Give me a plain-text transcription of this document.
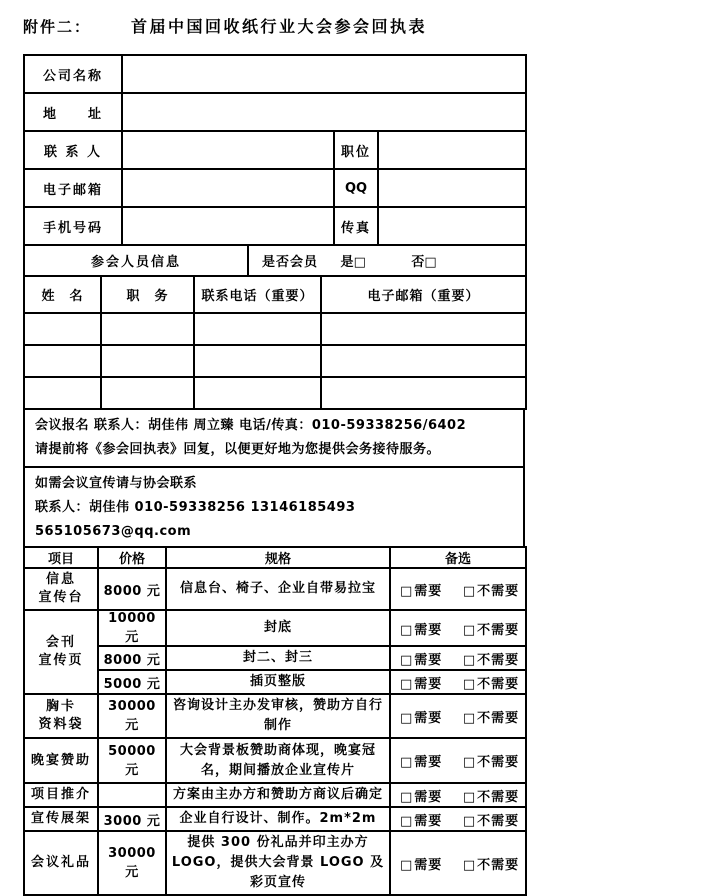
附件二：	首届中国回收纸行业大会参会回执表
公司名称			
地　　址			
联 系 人		职位	
电子邮箱		QQ	
手机号码		传真	
参会人员信息	是否会员 是□	否□
姓　名	职　务	联系电话（重要）	电子邮箱（重要）

会议报名 联系人：胡佳伟 周立臻 电话/传真：010-59338256/6402
请提前将《参会回执表》回复，以便更好地为您提供会务接待服务。
如需会议宣传请与协会联系
联系人：胡佳伟 010-59338256 13146185493 565105673@qq.com
项目	价格	规格	备选

信息
宣传台	8000 元	信息台、椅子、企业自带易拉宝	□需要 □不需要

会刊
宣传页	10000 元	封底	□需要 □不需要
	8000 元	封二、封三	□需要 □不需要
	5000 元	插页整版	□需要 □不需要

胸卡
资料袋	30000 元	咨询设计主办发审核，赞助方自行制作	□需要 □不需要
晚宴赞助	50000 元	大会背景板赞助商体现，晚宴冠名，期间播放企业宣传片	□需要 □不需要
项目推介		方案由主办方和赞助方商议后确定	□需要 □不需要
宣传展架	3000 元	企业自行设计、制作。2m*2m	□需要 □不需要
会议礼品	30000 元	提供 300 份礼品并印主办方 LOGO，提供大会背景 LOGO 及彩页宣传	□需要 □不需要
